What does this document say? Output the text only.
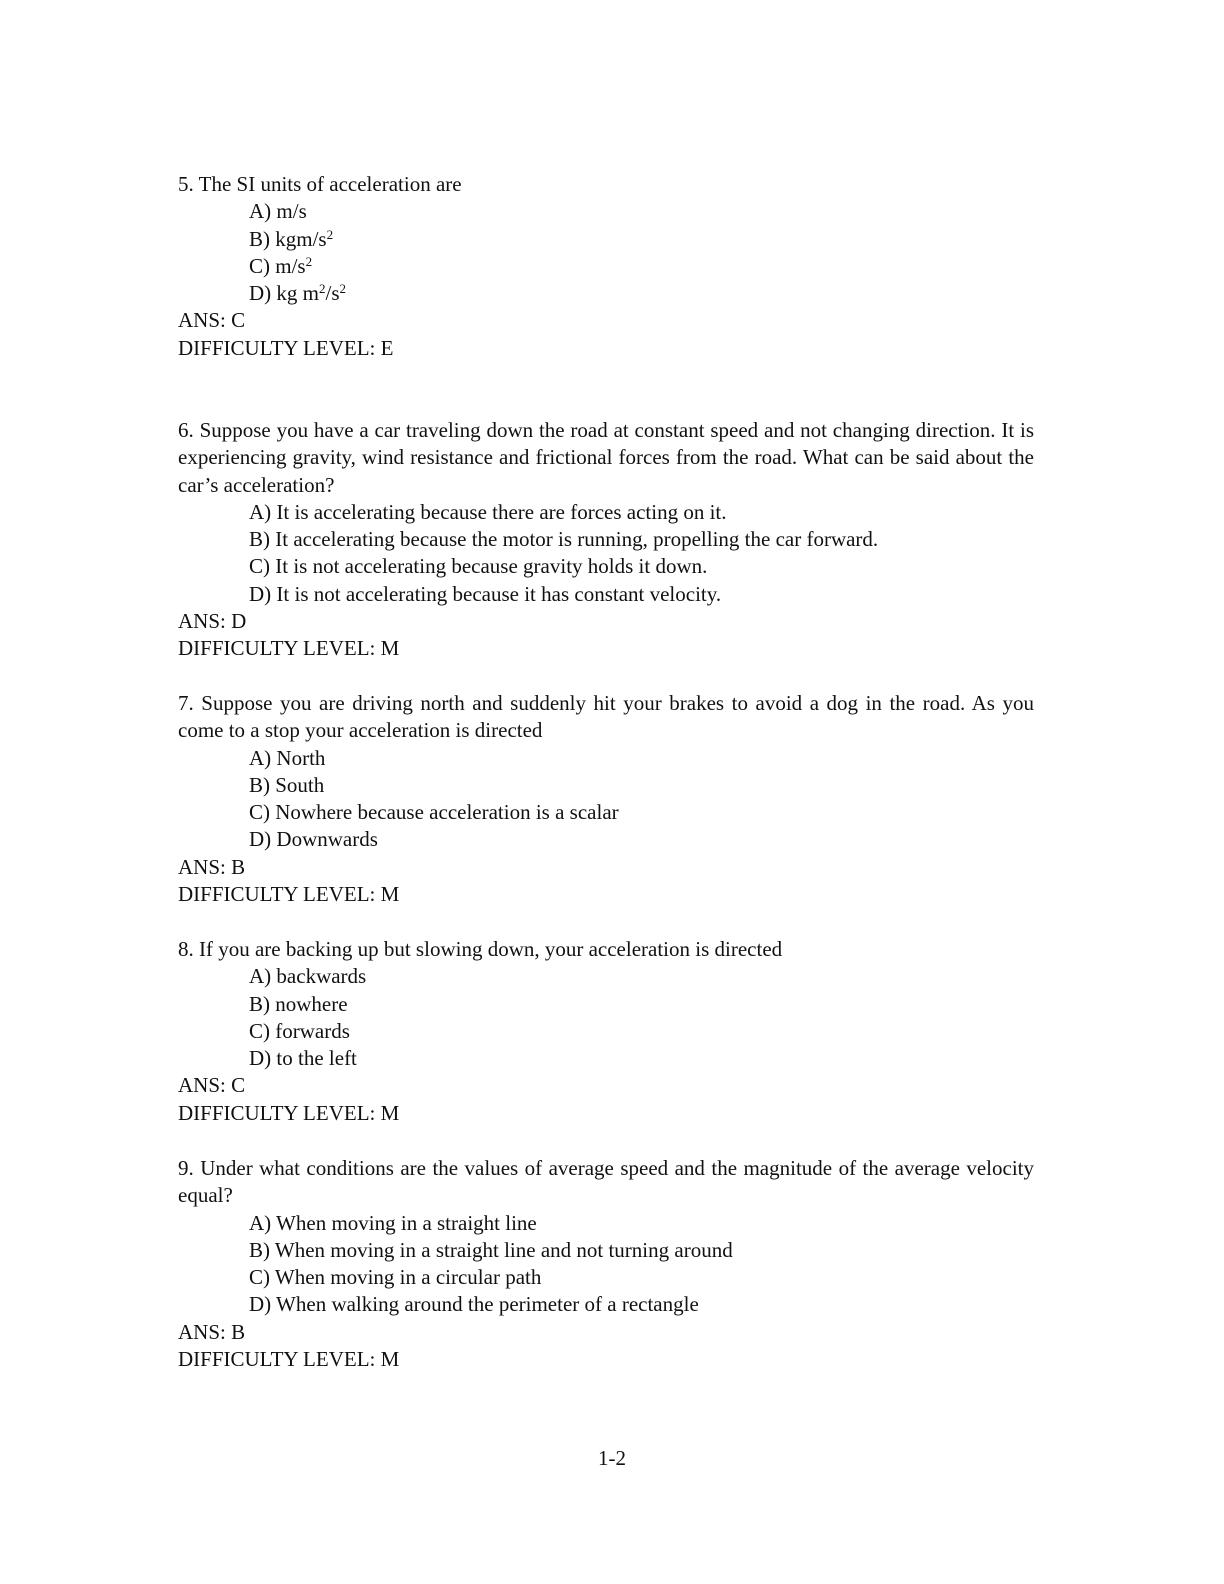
5. The SI units of acceleration are
A) m/s
B) kgm/$s^2$
C) $m/s^2$
D) kg $m^2/s^2$
ANS: C
DIFFICULTY LEVEL: E
6. Suppose you have a car traveling down the road at constant speed and not changing direction. It is experiencing gravity, wind resistance and frictional forces from the road. What can be said about the car’s acceleration?
A) It is accelerating because there are forces acting on it.
B) It accelerating because the motor is running, propelling the car forward.
C) It is not accelerating because gravity holds it down.
D) It is not accelerating because it has constant velocity.
ANS: D
DIFFICULTY LEVEL: M
7. Suppose you are driving north and suddenly hit your brakes to avoid a dog in the road. As you come to a stop your acceleration is directed
A) North
B) South
C) Nowhere because acceleration is a scalar
D) Downwards
ANS: B
DIFFICULTY LEVEL: M
8. If you are backing up but slowing down, your acceleration is directed
A) backwards
B) nowhere
C) forwards
D) to the left
ANS: C
DIFFICULTY LEVEL: M
9. Under what conditions are the values of average speed and the magnitude of the average velocity equal?
A) When moving in a straight line
B) When moving in a straight line and not turning around
C) When moving in a circular path
D) When walking around the perimeter of a rectangle
ANS: B
DIFFICULTY LEVEL: M
1-2
